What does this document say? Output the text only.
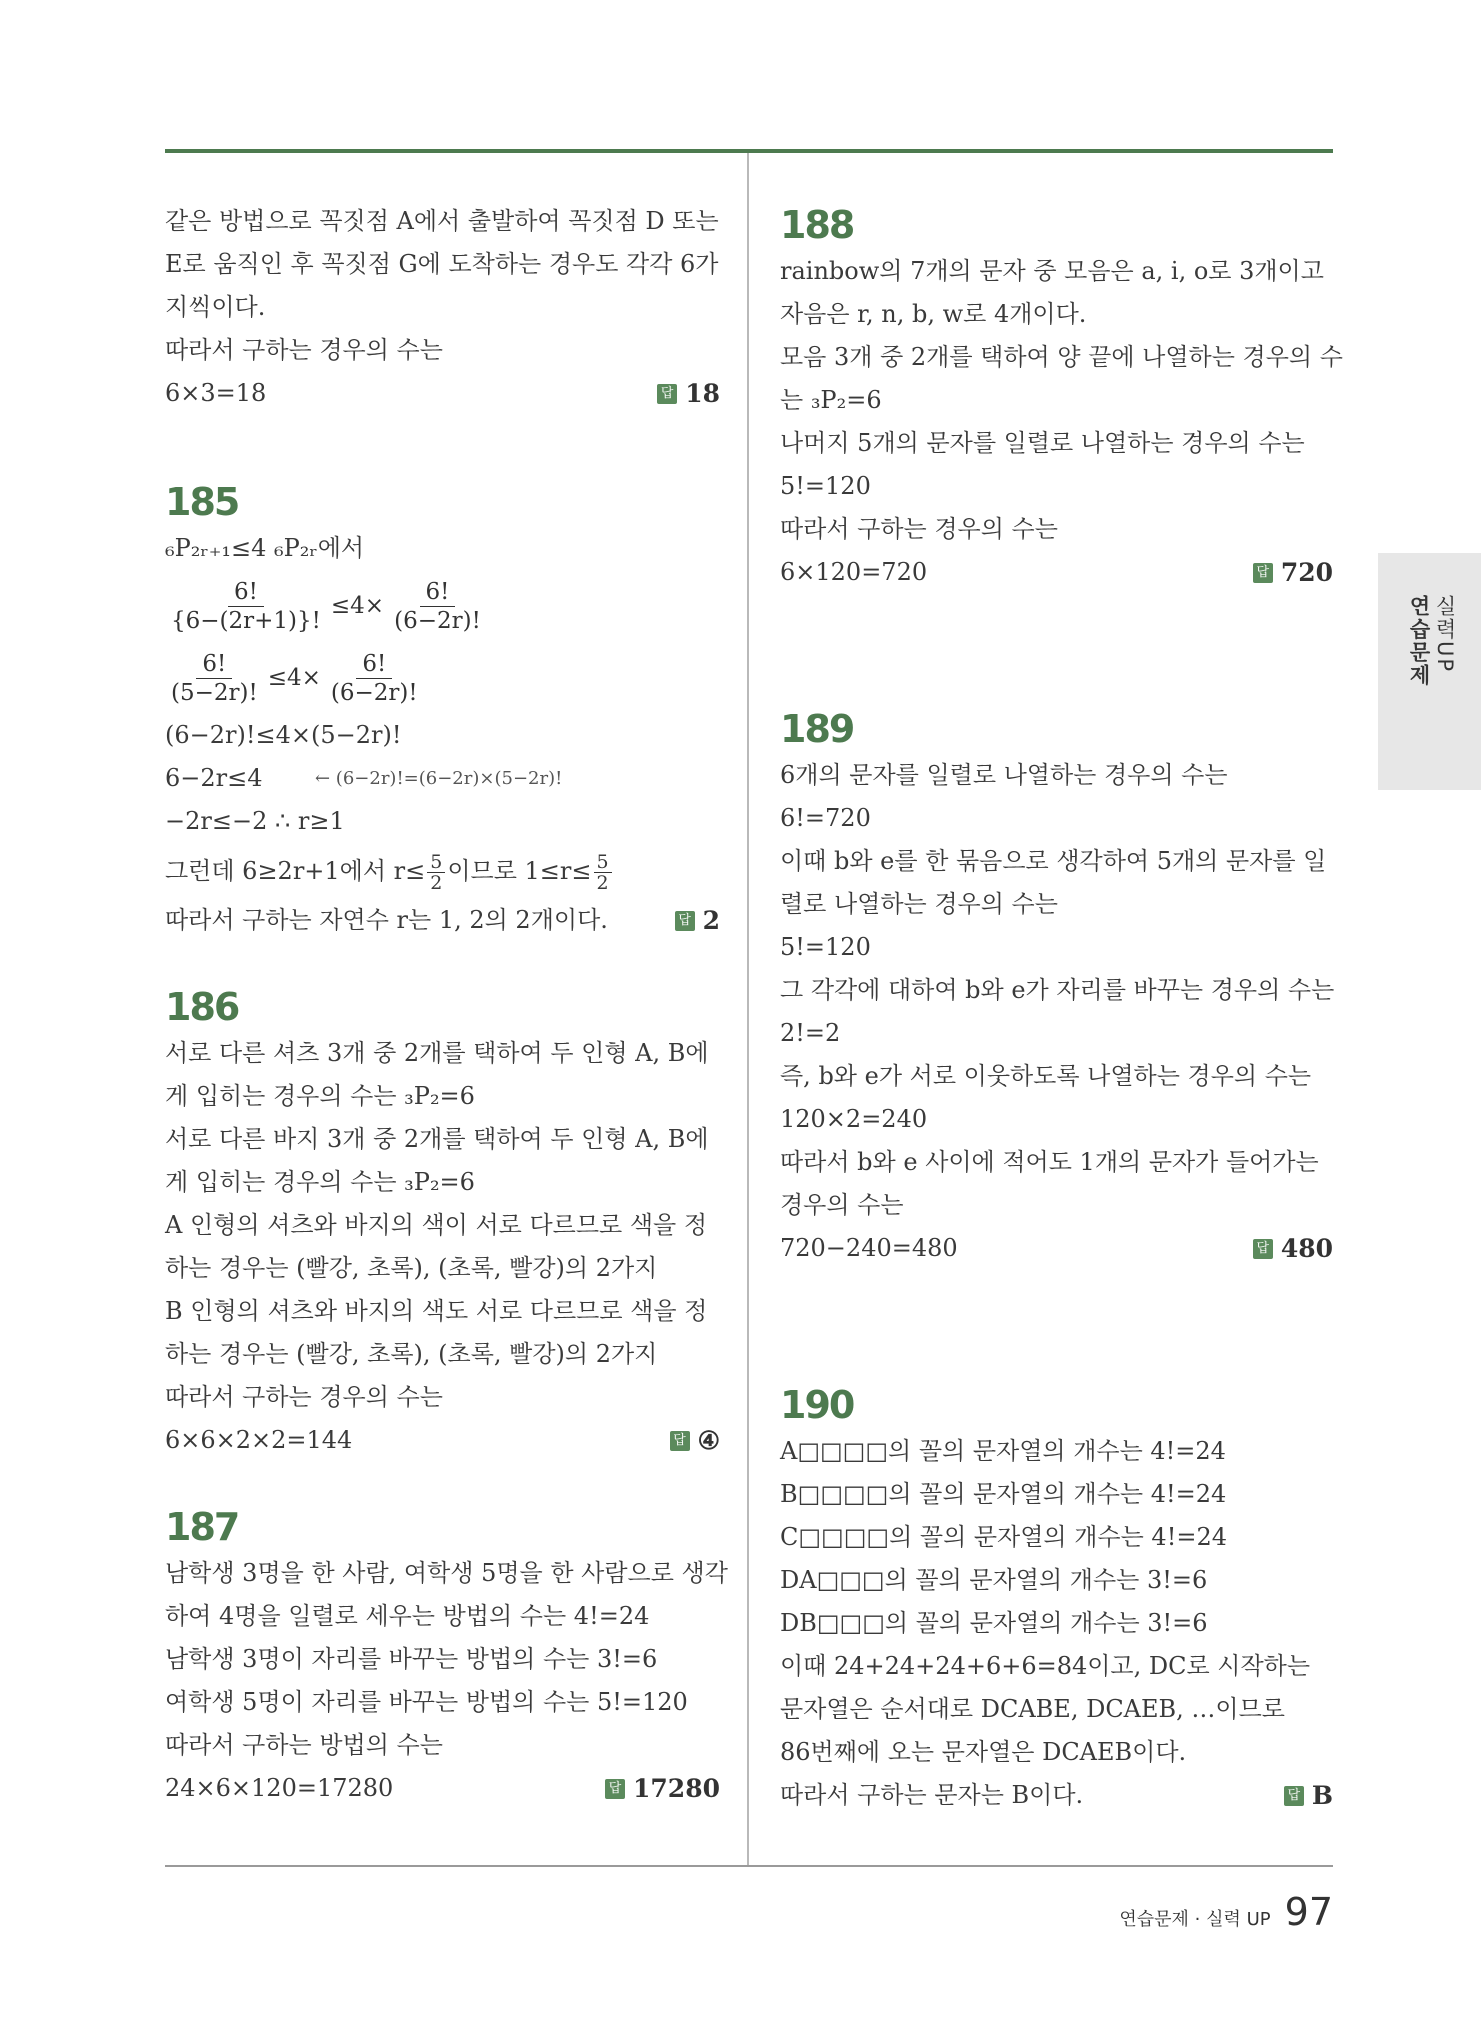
같은 방법으로 꼭짓점 A에서 출발하여 꼭짓점 D 또는
E로 움직인 후 꼭짓점 G에 도착하는 경우도 각각 6가
지씩이다.
따라서 구하는 경우의 수는
6×3=18	답 18
185
₆P₂ᵣ₊₁≤4 ₆P₂ᵣ에서
$\frac{6!}{\{6-(2r+1)\}!} \le 4\times \frac{6!}{(6-2r)!}$
$\frac{6!}{(5-2r)!} \le 4\times \frac{6!}{(6-2r)!}$
(6−2r)!≤4×(5−2r)!
6−2r≤4	← (6−2r)!=(6−2r)×(5−2r)!
−2r≤−2 ∴ r≥1
그런데 6≥2r+1에서 $r\le \frac{5}{2}$ 이므로 $1\le r\le \frac{5}{2}$
따라서 구하는 자연수 r는 1, 2의 2개이다.	답 2
186
서로 다른 셔츠 3개 중 2개를 택하여 두 인형 A, B에
게 입히는 경우의 수는 ₃P₂=6
서로 다른 바지 3개 중 2개를 택하여 두 인형 A, B에
게 입히는 경우의 수는 ₃P₂=6
A 인형의 셔츠와 바지의 색이 서로 다르므로 색을 정
하는 경우는 (빨강, 초록), (초록, 빨강)의 2가지
B 인형의 셔츠와 바지의 색도 서로 다르므로 색을 정
하는 경우는 (빨강, 초록), (초록, 빨강)의 2가지
따라서 구하는 경우의 수는
6×6×2×2=144	답 ④
187
남학생 3명을 한 사람, 여학생 5명을 한 사람으로 생각
하여 4명을 일렬로 세우는 방법의 수는 4!=24
남학생 3명이 자리를 바꾸는 방법의 수는 3!=6
여학생 5명이 자리를 바꾸는 방법의 수는 5!=120
따라서 구하는 방법의 수는
24×6×120=17280	답 17280
188
rainbow의 7개의 문자 중 모음은 a, i, o로 3개이고
자음은 r, n, b, w로 4개이다.
모음 3개 중 2개를 택하여 양 끝에 나열하는 경우의 수
는 ₃P₂=6
나머지 5개의 문자를 일렬로 나열하는 경우의 수는
5!=120
따라서 구하는 경우의 수는
6×120=720	답 720
189
6개의 문자를 일렬로 나열하는 경우의 수는
6!=720
이때 b와 e를 한 묶음으로 생각하여 5개의 문자를 일
렬로 나열하는 경우의 수는
5!=120
그 각각에 대하여 b와 e가 자리를 바꾸는 경우의 수는
2!=2
즉, b와 e가 서로 이웃하도록 나열하는 경우의 수는
120×2=240
따라서 b와 e 사이에 적어도 1개의 문자가 들어가는
경우의 수는
720−240=480	답 480
190
A□□□□의 꼴의 문자열의 개수는 4!=24
B□□□□의 꼴의 문자열의 개수는 4!=24
C□□□□의 꼴의 문자열의 개수는 4!=24
DA□□□의 꼴의 문자열의 개수는 3!=6
DB□□□의 꼴의 문자열의 개수는 3!=6
이때 24+24+24+6+6=84이고, DC로 시작하는
문자열은 순서대로 DCABE, DCAEB, …이므로
86번째에 오는 문자열은 DCAEB이다.
따라서 구하는 문자는 B이다.	답 B
연습문제 실력UP
연습문제 · 실력 UP 97
